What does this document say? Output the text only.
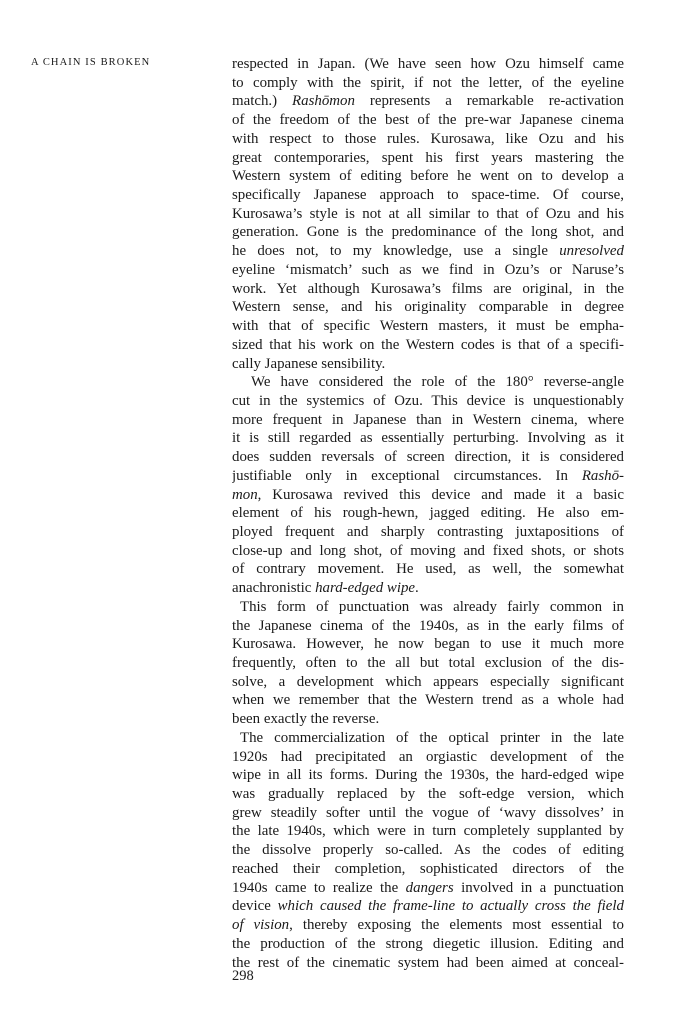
A CHAIN IS BROKEN	respected in Japan. (We have seen how Ozu himself came
to comply with the spirit, if not the letter, of the eyeline
match.) Rashōmon represents a remarkable re-activation
of the freedom of the best of the pre-war Japanese cinema
with respect to those rules. Kurosawa, like Ozu and his
great contemporaries, spent his first years mastering the
Western system of editing before he went on to develop a
specifically Japanese approach to space-time. Of course,
Kurosawa’s style is not at all similar to that of Ozu and his
generation. Gone is the predominance of the long shot, and
he does not, to my knowledge, use a single unresolved
eyeline ‘mismatch’ such as we find in Ozu’s or Naruse’s
work. Yet although Kurosawa’s films are original, in the
Western sense, and his originality comparable in degree
with that of specific Western masters, it must be empha-
sized that his work on the Western codes is that of a specifi-
cally Japanese sensibility.
We have considered the role of the 180° reverse-angle
cut in the systemics of Ozu. This device is unquestionably
more frequent in Japanese than in Western cinema, where
it is still regarded as essentially perturbing. Involving as it
does sudden reversals of screen direction, it is considered
justifiable only in exceptional circumstances. In Rashō-
mon, Kurosawa revived this device and made it a basic
element of his rough-hewn, jagged editing. He also em-
ployed frequent and sharply contrasting juxtapositions of
close-up and long shot, of moving and fixed shots, or shots
of contrary movement. He used, as well, the somewhat
anachronistic hard-edged wipe.
This form of punctuation was already fairly common in
the Japanese cinema of the 1940s, as in the early films of
Kurosawa. However, he now began to use it much more
frequently, often to the all but total exclusion of the dis-
solve, a development which appears especially significant
when we remember that the Western trend as a whole had
been exactly the reverse.
The commercialization of the optical printer in the late
1920s had precipitated an orgiastic development of the
wipe in all its forms. During the 1930s, the hard-edged wipe
was gradually replaced by the soft-edge version, which
grew steadily softer until the vogue of ‘wavy dissolves’ in
the late 1940s, which were in turn completely supplanted by
the dissolve properly so-called. As the codes of editing
reached their completion, sophisticated directors of the
1940s came to realize the dangers involved in a punctuation
device which caused the frame-line to actually cross the field
of vision, thereby exposing the elements most essential to
the production of the strong diegetic illusion. Editing and
the rest of the cinematic system had been aimed at conceal-
298
